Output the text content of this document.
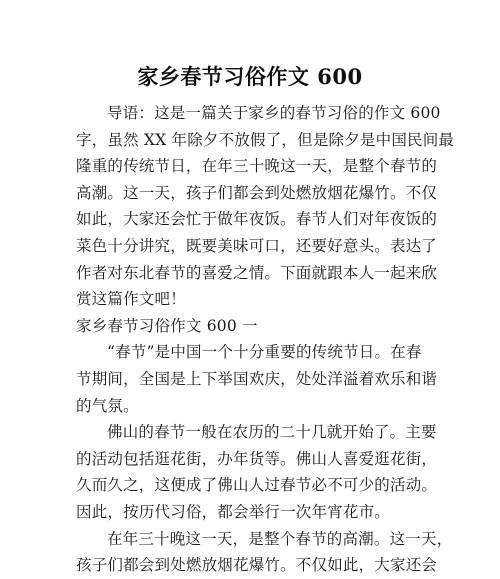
家乡春节习俗作文 600
导语：这是一篇关于家乡的春节习俗的作文 600
字，虽然 XX 年除夕不放假了，但是除夕是中国民间最
隆重的传统节日，在年三十晚这一天，是整个春节的
高潮。这一天，孩子们都会到处燃放烟花爆竹。不仅
如此，大家还会忙于做年夜饭。春节人们对年夜饭的
菜色十分讲究，既要美味可口，还要好意头。表达了
作者对东北春节的喜爱之情。下面就跟本人一起来欣
赏这篇作文吧！
家乡春节习俗作文 600 一
“春节”是中国一个十分重要的传统节日。在春
节期间，全国是上下举国欢庆，处处洋溢着欢乐和谐
的气氛。
佛山的春节一般在农历的二十几就开始了。主要
的活动包括逛花街，办年货等。佛山人喜爱逛花街，
久而久之，这便成了佛山人过春节必不可少的活动。
因此，按历代习俗，都会举行一次年宵花市。
在年三十晚这一天，是整个春节的高潮。这一天，
孩子们都会到处燃放烟花爆竹。不仅如此，大家还会
